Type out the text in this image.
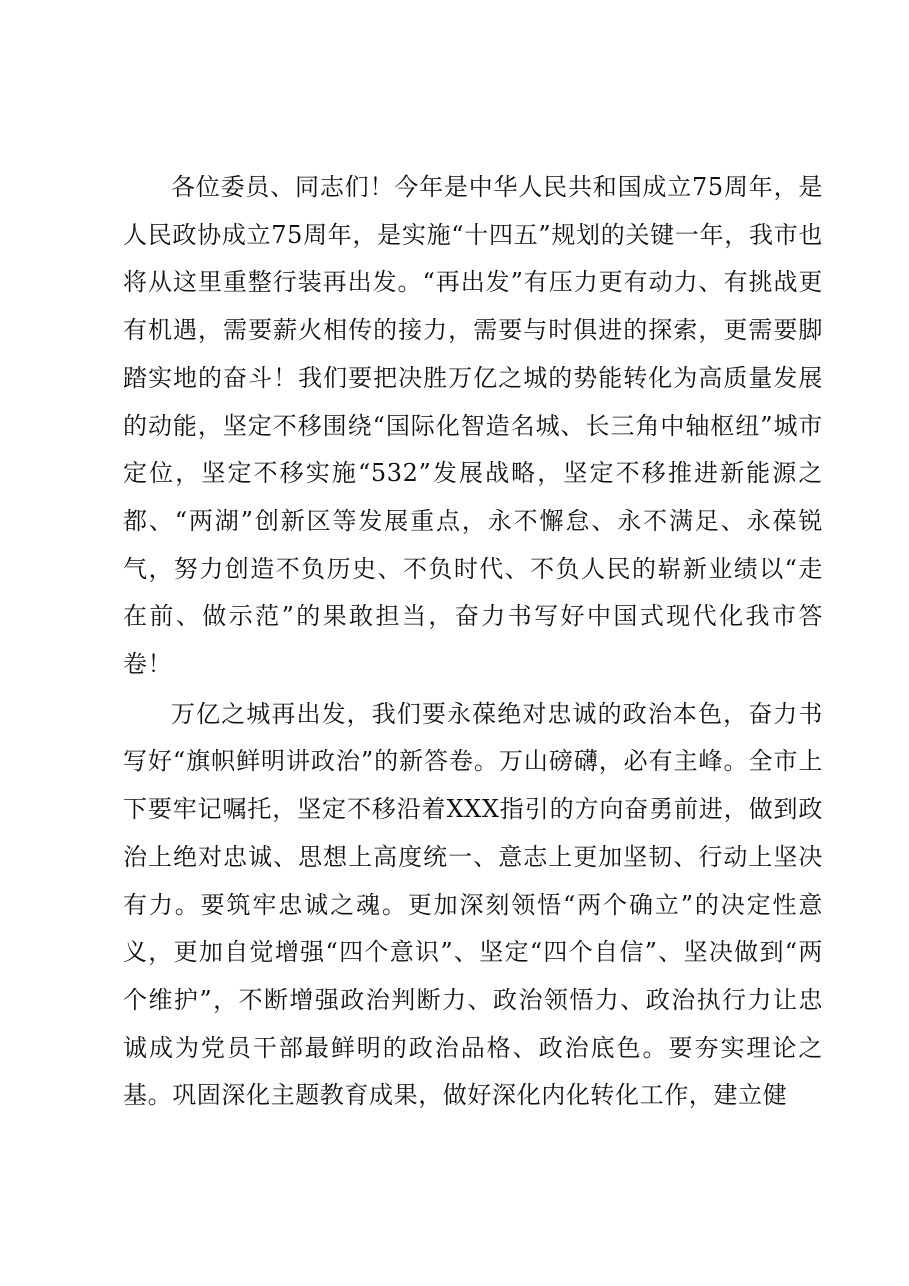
各位委员、同志们！今年是中华人民共和国成立75周年，是人民政协成立75周年，是实施“十四五”规划的关键一年，我市也将从这里重整行装再出发。“再出发”有压力更有动力、有挑战更有机遇，需要薪火相传的接力，需要与时俱进的探索，更需要脚踏实地的奋斗！我们要把决胜万亿之城的势能转化为高质量发展的动能，坚定不移围绕“国际化智造名城、长三角中轴枢纽”城市定位，坚定不移实施“532”发展战略，坚定不移推进新能源之都、“两湖”创新区等发展重点，永不懈怠、永不满足、永葆锐气，努力创造不负历史、不负时代、不负人民的崭新业绩以“走在前、做示范”的果敢担当，奋力书写好中国式现代化我市答卷！

万亿之城再出发，我们要永葆绝对忠诚的政治本色，奋力书写好“旗帜鲜明讲政治”的新答卷。万山磅礴，必有主峰。全市上下要牢记嘱托，坚定不移沿着XXX指引的方向奋勇前进，做到政治上绝对忠诚、思想上高度统一、意志上更加坚韧、行动上坚决有力。要筑牢忠诚之魂。更加深刻领悟“两个确立”的决定性意义，更加自觉增强“四个意识”、坚定“四个自信”、坚决做到“两个维护”，不断增强政治判断力、政治领悟力、政治执行力让忠诚成为党员干部最鲜明的政治品格、政治底色。要夯实理论之基。巩固深化主题教育成果，做好深化内化转化工作，建立健
